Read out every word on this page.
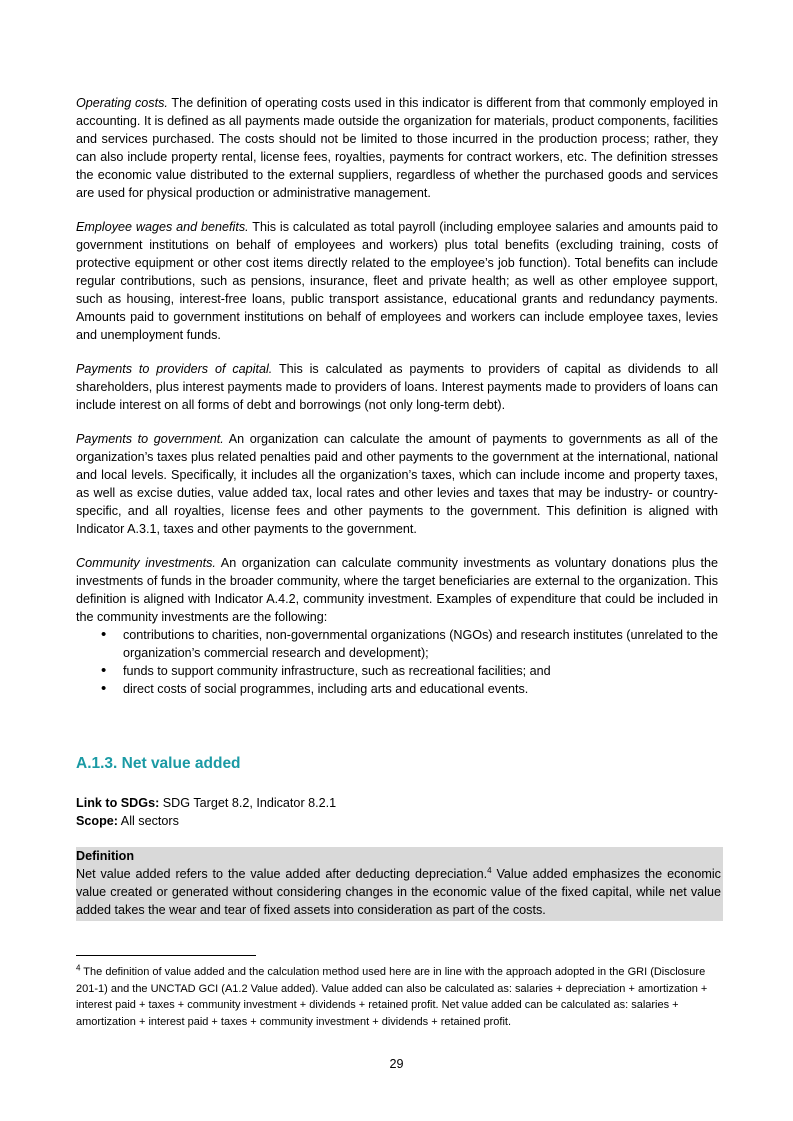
Operating costs. The definition of operating costs used in this indicator is different from that commonly employed in accounting. It is defined as all payments made outside the organization for materials, product components, facilities and services purchased. The costs should not be limited to those incurred in the production process; rather, they can also include property rental, license fees, royalties, payments for contract workers, etc. The definition stresses the economic value distributed to the external suppliers, regardless of whether the purchased goods and services are used for physical production or administrative management.

Employee wages and benefits. This is calculated as total payroll (including employee salaries and amounts paid to government institutions on behalf of employees and workers) plus total benefits (excluding training, costs of protective equipment or other cost items directly related to the employee’s job function). Total benefits can include regular contributions, such as pensions, insurance, fleet and private health; as well as other employee support, such as housing, interest-free loans, public transport assistance, educational grants and redundancy payments. Amounts paid to government institutions on behalf of employees and workers can include employee taxes, levies and unemployment funds.

Payments to providers of capital. This is calculated as payments to providers of capital as dividends to all shareholders, plus interest payments made to providers of loans. Interest payments made to providers of loans can include interest on all forms of debt and borrowings (not only long-term debt).

Payments to government. An organization can calculate the amount of payments to governments as all of the organization’s taxes plus related penalties paid and other payments to the government at the international, national and local levels. Specifically, it includes all the organization’s taxes, which can include income and property taxes, as well as excise duties, value added tax, local rates and other levies and taxes that may be industry- or country-specific, and all royalties, license fees and other payments to the government. This definition is aligned with Indicator A.3.1, taxes and other payments to the government.

Community investments. An organization can calculate community investments as voluntary donations plus the investments of funds in the broader community, where the target beneficiaries are external to the organization. This definition is aligned with Indicator A.4.2, community investment. Examples of expenditure that could be included in the community investments are the following:

• contributions to charities, non-governmental organizations (NGOs) and research institutes (unrelated to the organization’s commercial research and development);
• funds to support community infrastructure, such as recreational facilities; and
• direct costs of social programmes, including arts and educational events.
A.1.3. Net value added
Link to SDGs: SDG Target 8.2, Indicator 8.2.1
Scope: All sectors
Definition
Net value added refers to the value added after deducting depreciation.$^4$ Value added emphasizes the economic value created or generated without considering changes in the economic value of the fixed capital, while net value added takes the wear and tear of fixed assets into consideration as part of the costs.
$^4$ The definition of value added and the calculation method used here are in line with the approach adopted in the GRI (Disclosure 201-1) and the UNCTAD GCI (A1.2 Value added). Value added can also be calculated as: salaries + depreciation + amortization + interest paid + taxes + community investment + dividends + retained profit. Net value added can be calculated as: salaries + amortization + interest paid + taxes + community investment + dividends + retained profit.
29
